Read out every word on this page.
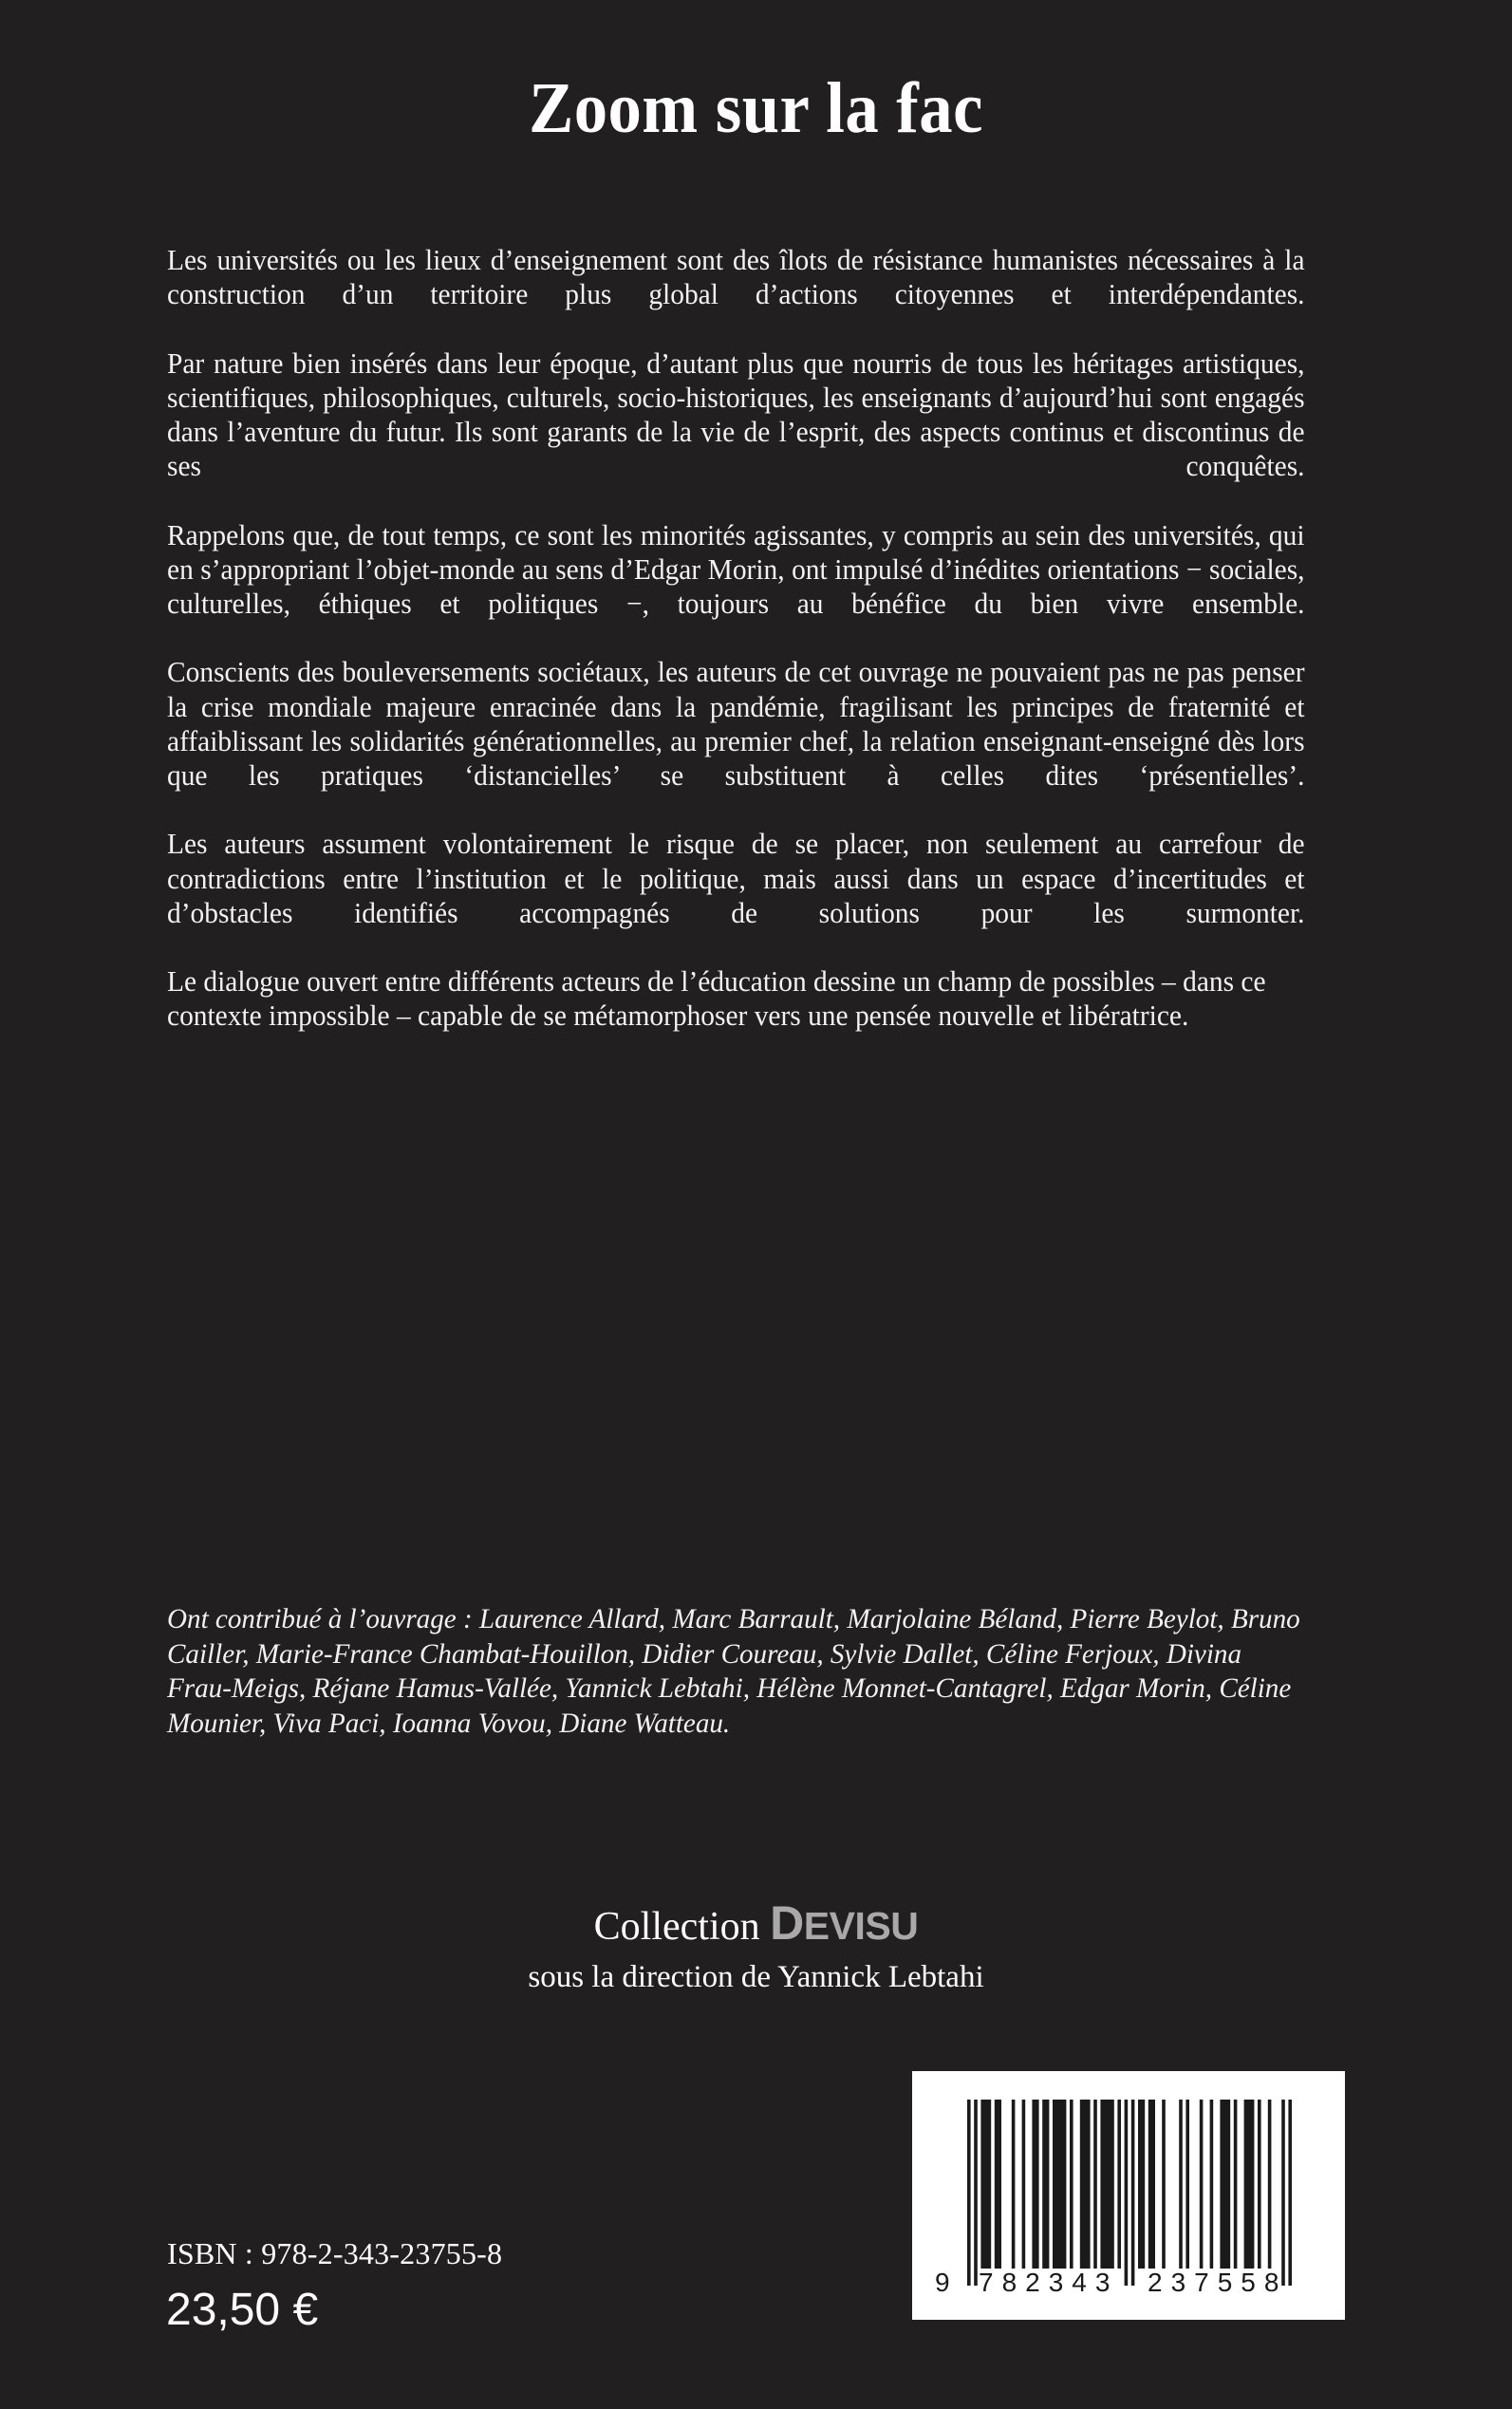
Zoom sur la fac

Les universités ou les lieux d’enseignement sont des îlots de résistance humanistes nécessaires à la construction d’un territoire plus global d’actions citoyennes et interdépendantes.

Par nature bien insérés dans leur époque, d’autant plus que nourris de tous les héritages artistiques, scientifiques, philosophiques, culturels, socio-historiques, les enseignants d’aujourd’hui sont engagés dans l’aventure du futur. Ils sont garants de la vie de l’esprit, des aspects continus et discontinus de ses conquêtes.

Rappelons que, de tout temps, ce sont les minorités agissantes, y compris au sein des universités, qui en s’appropriant l’objet-monde au sens d’Edgar Morin, ont impulsé d’inédites orientations − sociales, culturelles, éthiques et politiques −, toujours au bénéfice du bien vivre ensemble.

Conscients des bouleversements sociétaux, les auteurs de cet ouvrage ne pouvaient pas ne pas penser la crise mondiale majeure enracinée dans la pandémie, fragilisant les principes de fraternité et affaiblissant les solidarités générationnelles, au premier chef, la relation enseignant-enseigné dès lors que les pratiques ‘distancielles’ se substituent à celles dites ‘présentielles’.

Les auteurs assument volontairement le risque de se placer, non seulement au carrefour de contradictions entre l’institution et le politique, mais aussi dans un espace d’incertitudes et d’obstacles identifiés accompagnés de solutions pour les surmonter.

Le dialogue ouvert entre différents acteurs de l’éducation dessine un champ de possibles – dans ce contexte impossible – capable de se métamorphoser vers une pensée nouvelle et libératrice.

Ont contribué à l’ouvrage : Laurence Allard, Marc Barrault, Marjolaine Béland, Pierre Beylot, Bruno Cailler, Marie-France Chambat-Houillon, Didier Coureau, Sylvie Dallet, Céline Ferjoux, Divina Frau-Meigs, Réjane Hamus-Vallée, Yannick Lebtahi, Hélène Monnet-Cantagrel, Edgar Morin, Céline Mounier, Viva Paci, Ioanna Vovou, Diane Watteau.

Collection DEVISU
sous la direction de Yannick Lebtahi
9 782343 237558
ISBN : 978-2-343-23755-8
23,50 €
